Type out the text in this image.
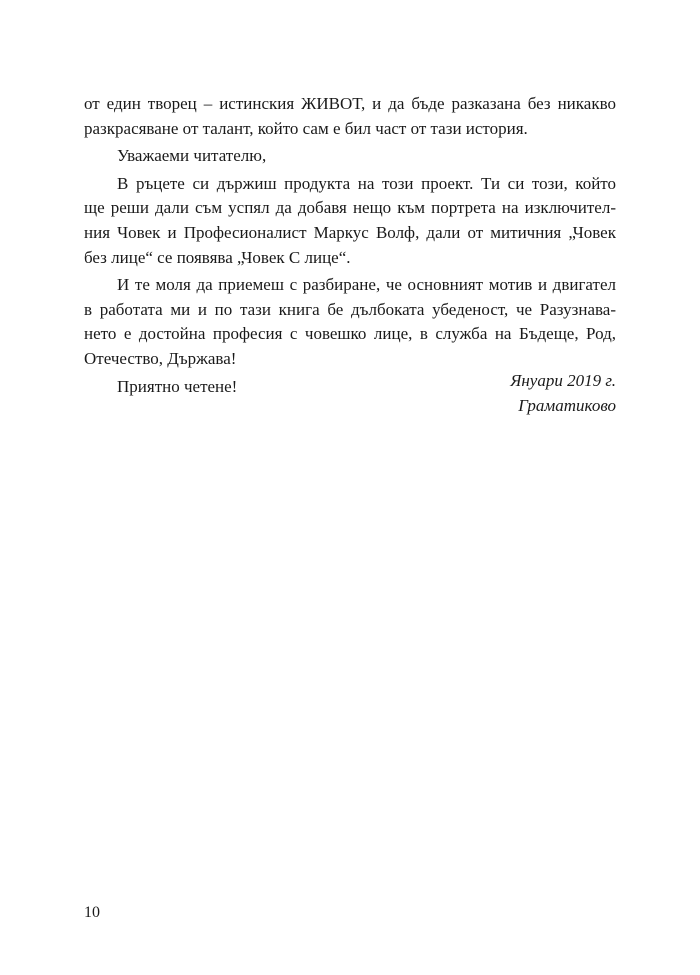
от един творец – истинския ЖИВОТ, и да бъде разказана без никакво
разкрасяване от талант, който сам е бил част от тази история.
Уважаеми читателю,
В ръцете си държиш продукта на този проект. Ти си този, който
ще реши дали съм успял да добавя нещо към портрета на изключител-
ния Човек и Професионалист Маркус Волф, дали от митичния „Човек
без лице“ се появява „Човек С лице“.
И те моля да приемеш с разбиране, че основният мотив и двигател
в работата ми и по тази книга бе дълбоката убеденост, че Разузнава-
нето е достойна професия с човешко лице, в служба на Бъдеще, Род,
Отечество, Държава!
Приятно четене!	Януари 2019 г.
Граматиково
10
